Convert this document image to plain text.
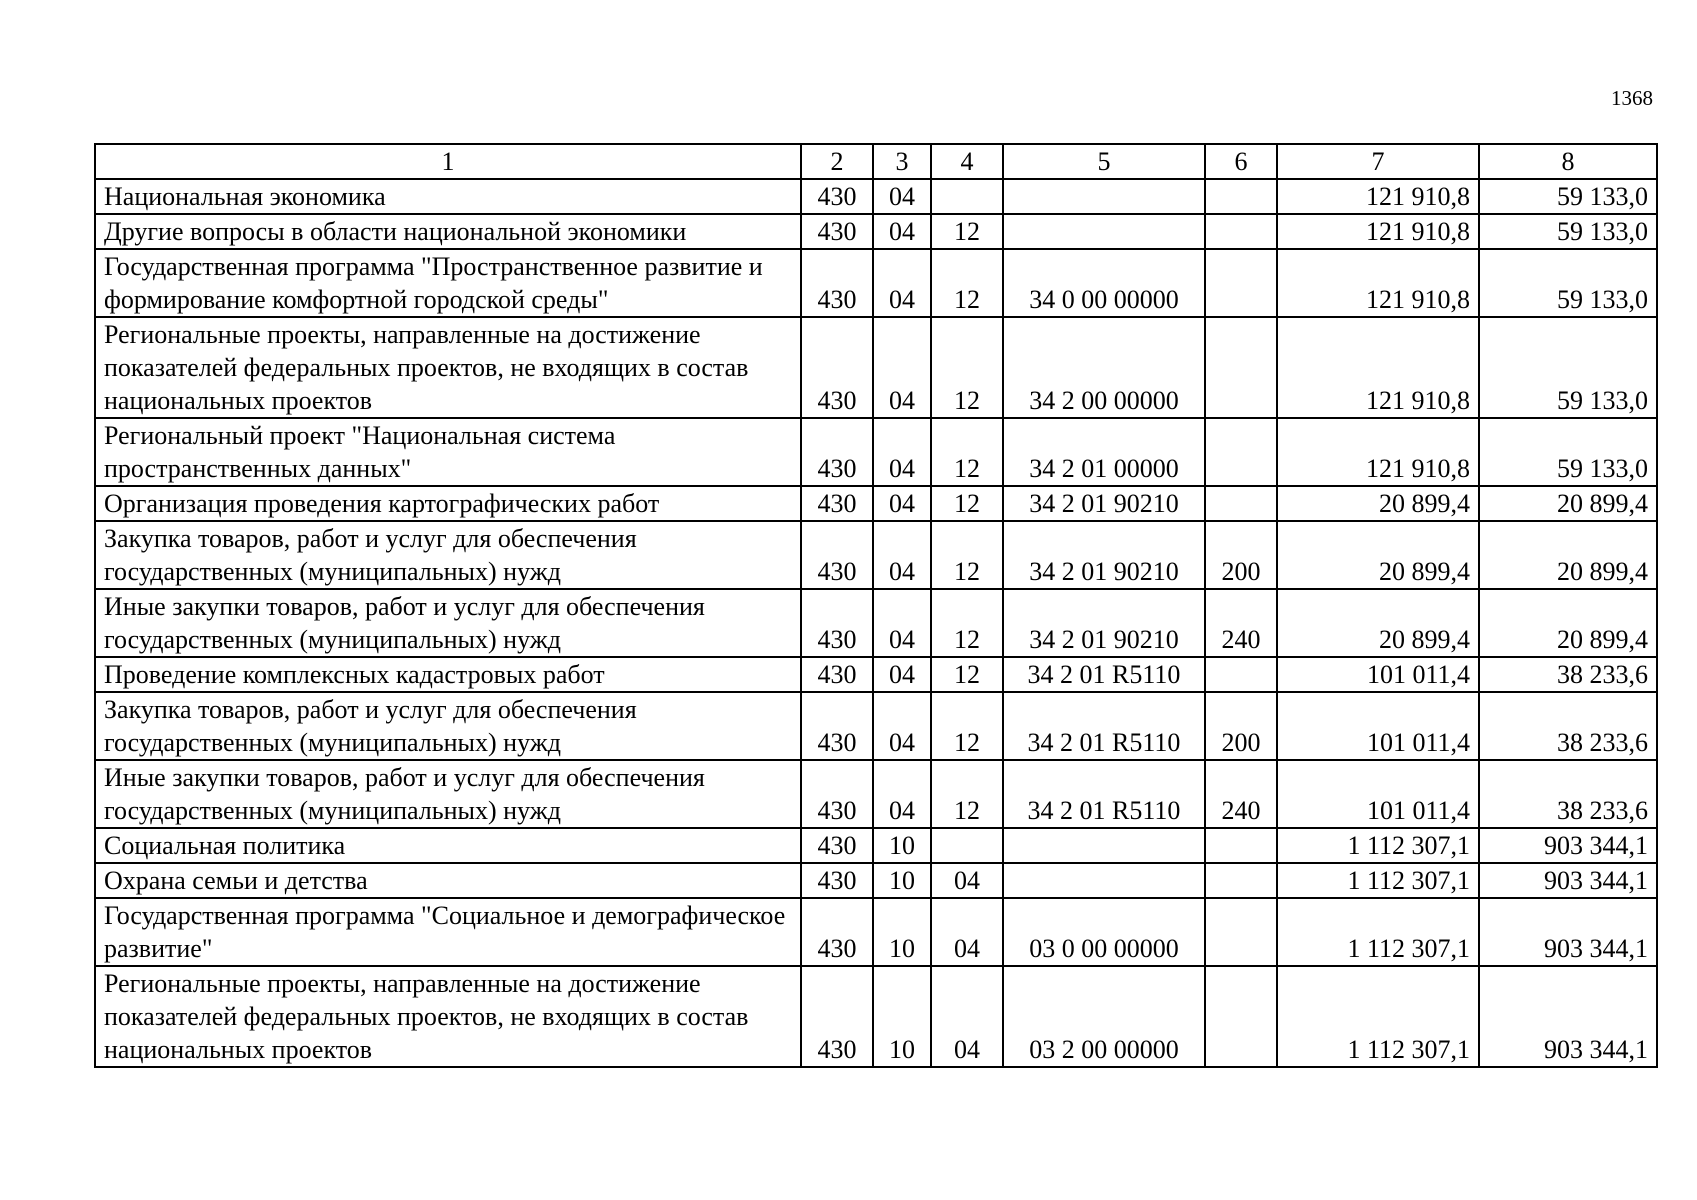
1368
1	2	3	4	5	6	7	8
Национальная экономика	430	04				121 910,8	59 133,0
Другие вопросы в области национальной экономики	430	04	12			121 910,8	59 133,0
Государственная программа "Пространственное развитие и формирование комфортной городской среды"	430	04	12	34 0 00 00000		121 910,8	59 133,0
Региональные проекты, направленные на достижение показателей федеральных проектов, не входящих в состав национальных проектов	430	04	12	34 2 00 00000		121 910,8	59 133,0
Региональный проект "Национальная система пространственных данных"	430	04	12	34 2 01 00000		121 910,8	59 133,0
Организация проведения картографических работ	430	04	12	34 2 01 90210		20 899,4	20 899,4
Закупка товаров, работ и услуг для обеспечения государственных (муниципальных) нужд	430	04	12	34 2 01 90210	200	20 899,4	20 899,4
Иные закупки товаров, работ и услуг для обеспечения государственных (муниципальных) нужд	430	04	12	34 2 01 90210	240	20 899,4	20 899,4
Проведение комплексных кадастровых работ	430	04	12	34 2 01 R5110		101 011,4	38 233,6
Закупка товаров, работ и услуг для обеспечения государственных (муниципальных) нужд	430	04	12	34 2 01 R5110	200	101 011,4	38 233,6
Иные закупки товаров, работ и услуг для обеспечения государственных (муниципальных) нужд	430	04	12	34 2 01 R5110	240	101 011,4	38 233,6
Социальная политика	430	10				1 112 307,1	903 344,1
Охрана семьи и детства	430	10	04			1 112 307,1	903 344,1
Государственная программа "Социальное и демографическое развитие"	430	10	04	03 0 00 00000		1 112 307,1	903 344,1
Региональные проекты, направленные на достижение показателей федеральных проектов, не входящих в состав национальных проектов	430	10	04	03 2 00 00000		1 112 307,1	903 344,1
